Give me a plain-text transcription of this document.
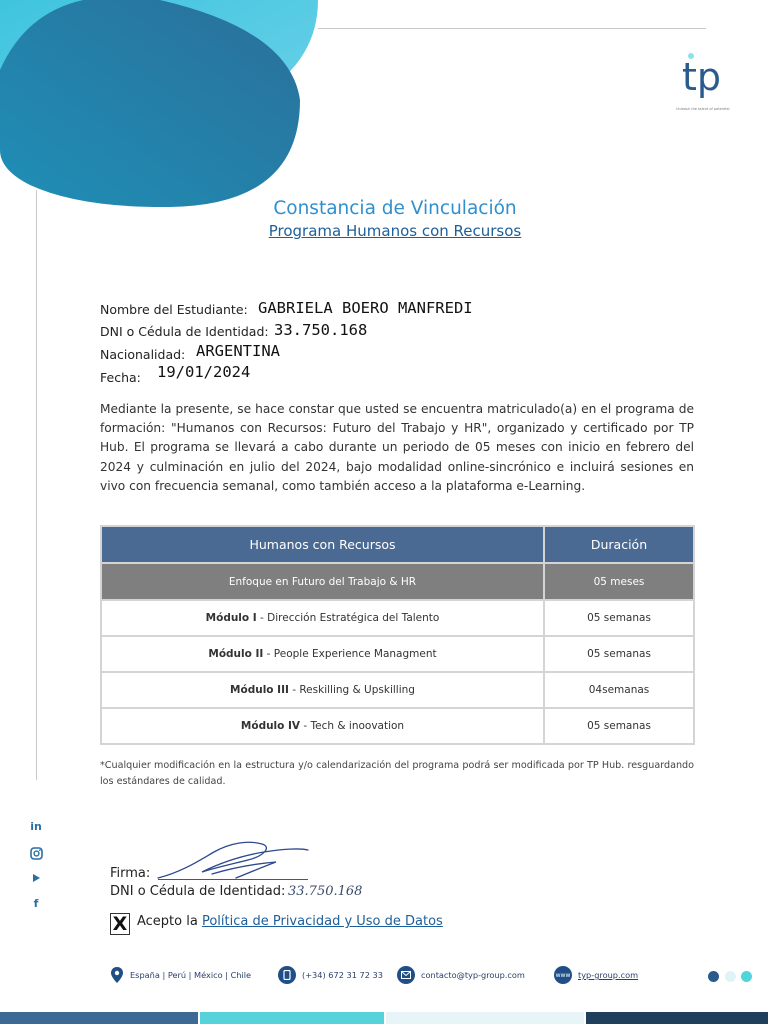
tp
Unleash the talent of potential
Constancia de Vinculación
Programa Humanos con Recursos
Nombre del Estudiante: GABRIELA BOERO MANFREDI
DNI o Cédula de Identidad: 33.750.168
Nacionalidad: ARGENTINA
Fecha: 19/01/2024
Mediante la presente, se hace constar que usted se encuentra matriculado(a) en el programa de formación: "Humanos con Recursos: Futuro del Trabajo y HR", organizado y certificado por TP Hub. El programa se llevará a cabo durante un periodo de 05 meses con inicio en febrero del 2024 y culminación en julio del 2024, bajo modalidad online-sincrónico e incluirá sesiones en vivo con frecuencia semanal, como también acceso a la plataforma e-Learning.
Humanos con Recursos	Duración
Enfoque en Futuro del Trabajo & HR	05 meses
Módulo I - Dirección Estratégica del Talento	05 semanas
Módulo II - People Experience Managment	05 semanas
Módulo III - Reskilling & Upskilling	04semanas
Módulo IV - Tech & inoovation	05 semanas
*Cualquier modificación en la estructura y/o calendarización del programa podrá ser modificada por TP Hub. resguardando los estándares de calidad.
in
f
Firma:
DNI o Cédula de Identidad: 33.750.168
X Acepto la Política de Privacidad y Uso de Datos
España | Perú | México | Chile	(+34) 672 31 72 33	contacto@typ-group.com	www typ-group.com
